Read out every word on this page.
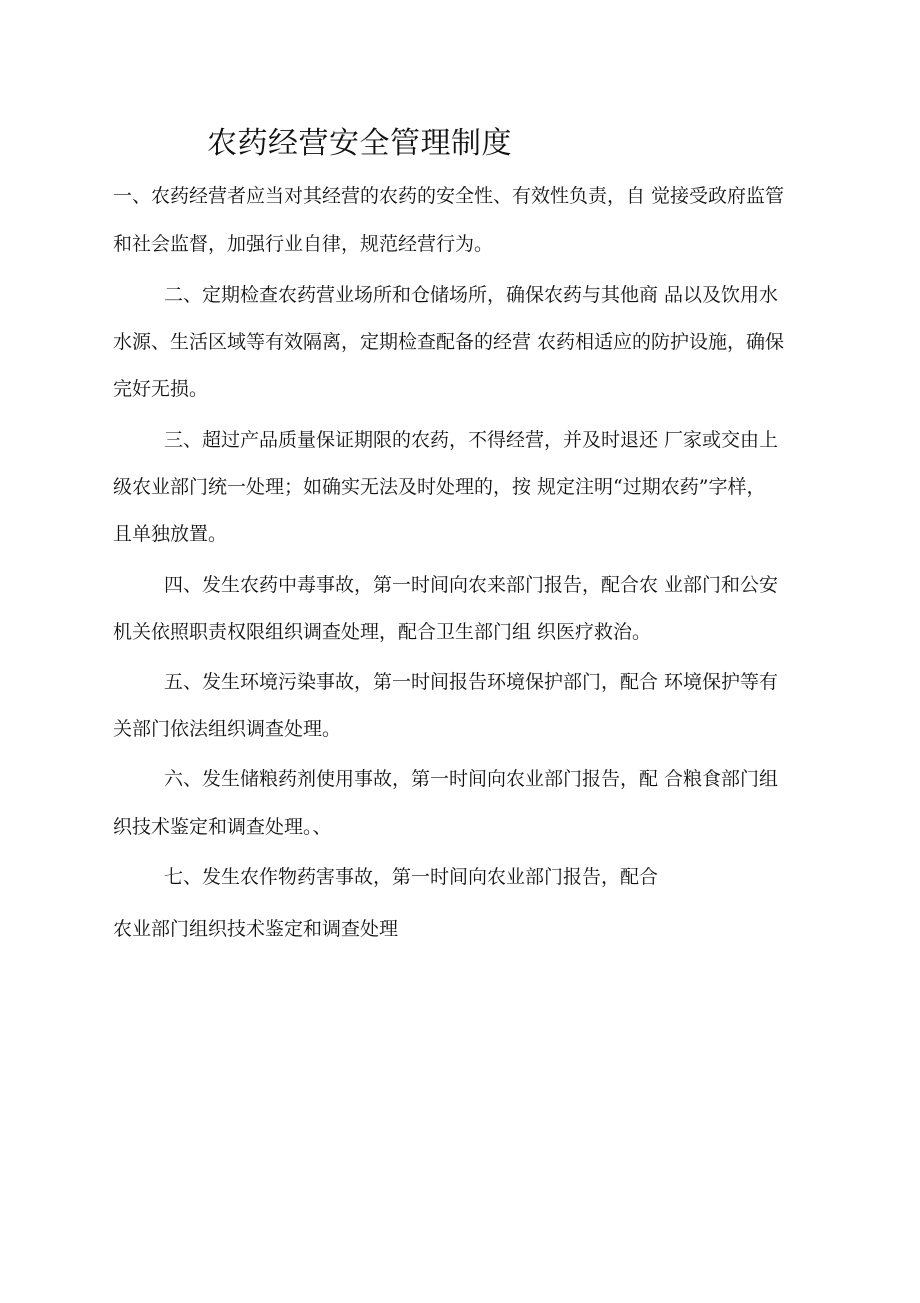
农药经营安全管理制度

一、农药经营者应当对其经营的农药的安全性、有效性负责，自 觉接受政府监管

和社会监督，加强行业自律，规范经营行为。

二、定期检查农药营业场所和仓储场所，确保农药与其他商 品以及饮用水

水源、生活区域等有效隔离，定期检查配备的经营 农药相适应的防护设施，确保

完好无损。

三、超过产品质量保证期限的农药，不得经营，并及时退还 厂家或交由上

级农业部门统一处理；如确实无法及时处理的，按 规定注明“过期农药”字样，

且单独放置。

四、发生农药中毒事故，第一时间向农来部门报告，配合农 业部门和公安

机关依照职责权限组织调查处理，配合卫生部门组 织医疗救治。

五、发生环境污染事故，第一时间报告环境保护部门，配合 环境保护等有

关部门依法组织调查处理。

六、发生储粮药剂使用事故，第一时间向农业部门报告，配 合粮食部门组

织技术鉴定和调查处理。、

七、发生农作物药害事故，第一时间向农业部门报告，配合

农业部门组织技术鉴定和调查处理
